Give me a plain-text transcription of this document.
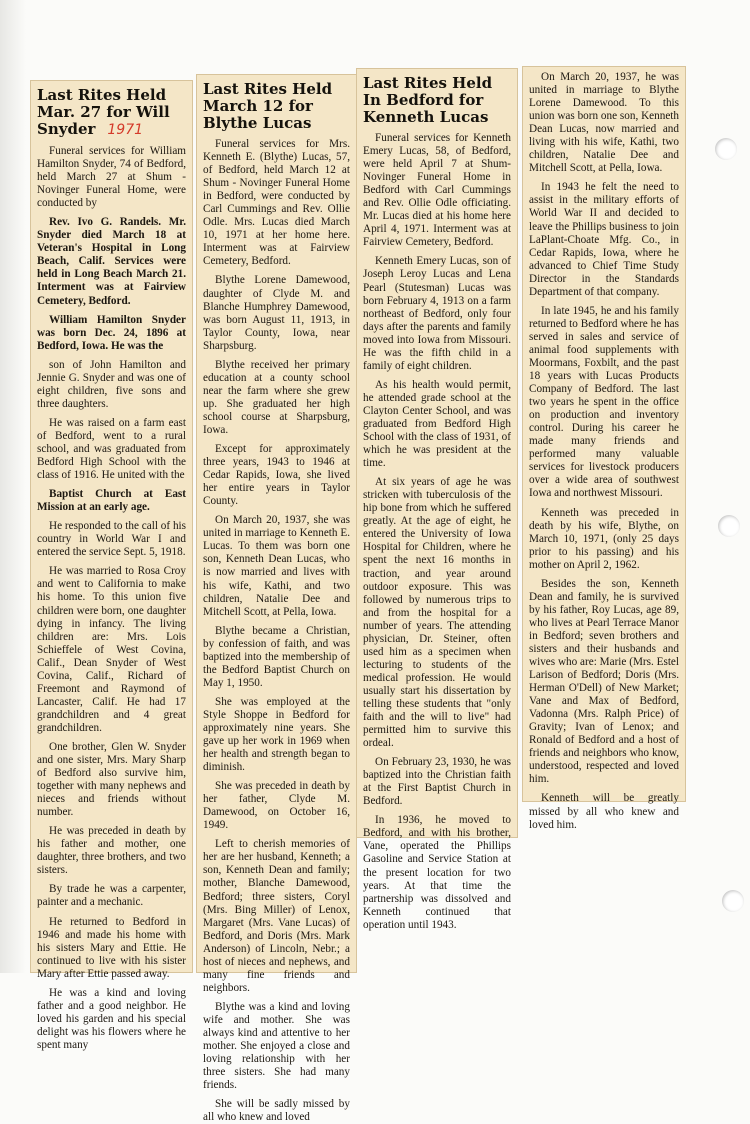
Last Rites Held Mar. 27 for Will Snyder 1971

Funeral services for William Hamilton Snyder, 74 of Bedford, held March 27 at Shum - Novinger Funeral Home, were conducted by

Rev. Ivo G. Randels. Mr. Snyder died March 18 at Veteran's Hospital in Long Beach, Calif. Services were held in Long Beach March 21. Interment was at Fairview Cemetery, Bedford.

William Hamilton Snyder was born Dec. 24, 1896 at Bedford, Iowa. He was the

son of John Hamilton and Jennie G. Snyder and was one of eight children, five sons and three daughters.

He was raised on a farm east of Bedford, went to a rural school, and was graduated from Bedford High School with the class of 1916. He united with the

Baptist Church at East Mission at an early age.

He responded to the call of his country in World War I and entered the service Sept. 5, 1918.

He was married to Rosa Croy and went to California to make his home. To this union five children were born, one daughter dying in infancy. The living children are: Mrs. Lois Schieffele of West Covina, Calif., Dean Snyder of West Covina, Calif., Richard of Freemont and Raymond of Lancaster, Calif. He had 17 grandchildren and 4 great grandchildren.

One brother, Glen W. Snyder and one sister, Mrs. Mary Sharp of Bedford also survive him, together with many nephews and nieces and friends without number.

He was preceded in death by his father and mother, one daughter, three brothers, and two sisters.

By trade he was a carpenter, painter and a mechanic.

He returned to Bedford in 1946 and made his home with his sisters Mary and Ettie. He continued to live with his sister Mary after Ettie passed away.

He was a kind and loving father and a good neighbor. He loved his garden and his special delight was his flowers where he spent many

Last Rites Held March 12 for Blythe Lucas

Funeral services for Mrs. Kenneth E. (Blythe) Lucas, 57, of Bedford, held March 12 at Shum - Novinger Funeral Home in Bedford, were conducted by Carl Cummings and Rev. Ollie Odle. Mrs. Lucas died March 10, 1971 at her home here. Interment was at Fairview Cemetery, Bedford.

Blythe Lorene Damewood, daughter of Clyde M. and Blanche Humphrey Damewood, was born August 11, 1913, in Taylor County, Iowa, near Sharpsburg.

Blythe received her primary education at a county school near the farm where she grew up. She graduated her high school course at Sharpsburg, Iowa.

Except for approximately three years, 1943 to 1946 at Cedar Rapids, Iowa, she lived her entire years in Taylor County.

On March 20, 1937, she was united in marriage to Kenneth E. Lucas. To them was born one son, Kenneth Dean Lucas, who is now married and lives with his wife, Kathi, and two children, Natalie Dee and Mitchell Scott, at Pella, Iowa.

Blythe became a Christian, by confession of faith, and was baptized into the membership of the Bedford Baptist Church on May 1, 1950.

She was employed at the Style Shoppe in Bedford for approximately nine years. She gave up her work in 1969 when her health and strength began to diminish.

She was preceded in death by her father, Clyde M. Damewood, on October 16, 1949.

Left to cherish memories of her are her husband, Kenneth; a son, Kenneth Dean and family; mother, Blanche Damewood, Bedford; three sisters, Coryl (Mrs. Bing Miller) of Lenox, Margaret (Mrs. Vane Lucas) of Bedford, and Doris (Mrs. Mark Anderson) of Lincoln, Nebr.; a host of nieces and nephews, and many fine friends and neighbors.

Blythe was a kind and loving wife and mother. She was always kind and attentive to her mother. She enjoyed a close and loving relationship with her three sisters. She had many friends.

She will be sadly missed by all who knew and loved

Last Rites Held In Bedford for Kenneth Lucas

Funeral services for Kenneth Emery Lucas, 58, of Bedford, were held April 7 at Shum-Novinger Funeral Home in Bedford with Carl Cummings and Rev. Ollie Odle officiating. Mr. Lucas died at his home here April 4, 1971. Interment was at Fairview Cemetery, Bedford.

Kenneth Emery Lucas, son of Joseph Leroy Lucas and Lena Pearl (Stutesman) Lucas was born February 4, 1913 on a farm northeast of Bedford, only four days after the parents and family moved into Iowa from Missouri. He was the fifth child in a family of eight children.

As his health would permit, he attended grade school at the Clayton Center School, and was graduated from Bedford High School with the class of 1931, of which he was president at the time.

At six years of age he was stricken with tuberculosis of the hip bone from which he suffered greatly. At the age of eight, he entered the University of Iowa Hospital for Children, where he spent the next 16 months in traction, and year around outdoor exposure. This was followed by numerous trips to and from the hospital for a number of years. The attending physician, Dr. Steiner, often used him as a specimen when lecturing to students of the medical profession. He would usually start his dissertation by telling these students that "only faith and the will to live" had permitted him to survive this ordeal.

On February 23, 1930, he was baptized into the Christian faith at the First Baptist Church in Bedford.

In 1936, he moved to Bedford, and with his brother, Vane, operated the Phillips Gasoline and Service Station at the present location for two years. At that time the partnership was dissolved and Kenneth continued that operation until 1943.

On March 20, 1937, he was united in marriage to Blythe Lorene Damewood. To this union was born one son, Kenneth Dean Lucas, now married and living with his wife, Kathi, two children, Natalie Dee and Mitchell Scott, at Pella, Iowa.

In 1943 he felt the need to assist in the military efforts of World War II and decided to leave the Phillips business to join LaPlant-Choate Mfg. Co., in Cedar Rapids, Iowa, where he advanced to Chief Time Study Director in the Standards Department of that company.

In late 1945, he and his family returned to Bedford where he has served in sales and service of animal food supplements with Moormans, Foxbilt, and the past 18 years with Lucas Products Company of Bedford. The last two years he spent in the office on production and inventory control. During his career he made many friends and performed many valuable services for livestock producers over a wide area of southwest Iowa and northwest Missouri.

Kenneth was preceded in death by his wife, Blythe, on March 10, 1971, (only 25 days prior to his passing) and his mother on April 2, 1962.

Besides the son, Kenneth Dean and family, he is survived by his father, Roy Lucas, age 89, who lives at Pearl Terrace Manor in Bedford; seven brothers and sisters and their husbands and wives who are: Marie (Mrs. Estel Larison of Bedford; Doris (Mrs. Herman O'Dell) of New Market; Vane and Max of Bedford, Vadonna (Mrs. Ralph Price) of Gravity; Ivan of Lenox; and Ronald of Bedford and a host of friends and neighbors who know, understood, respected and loved him.

Kenneth will be greatly missed by all who knew and loved him.
